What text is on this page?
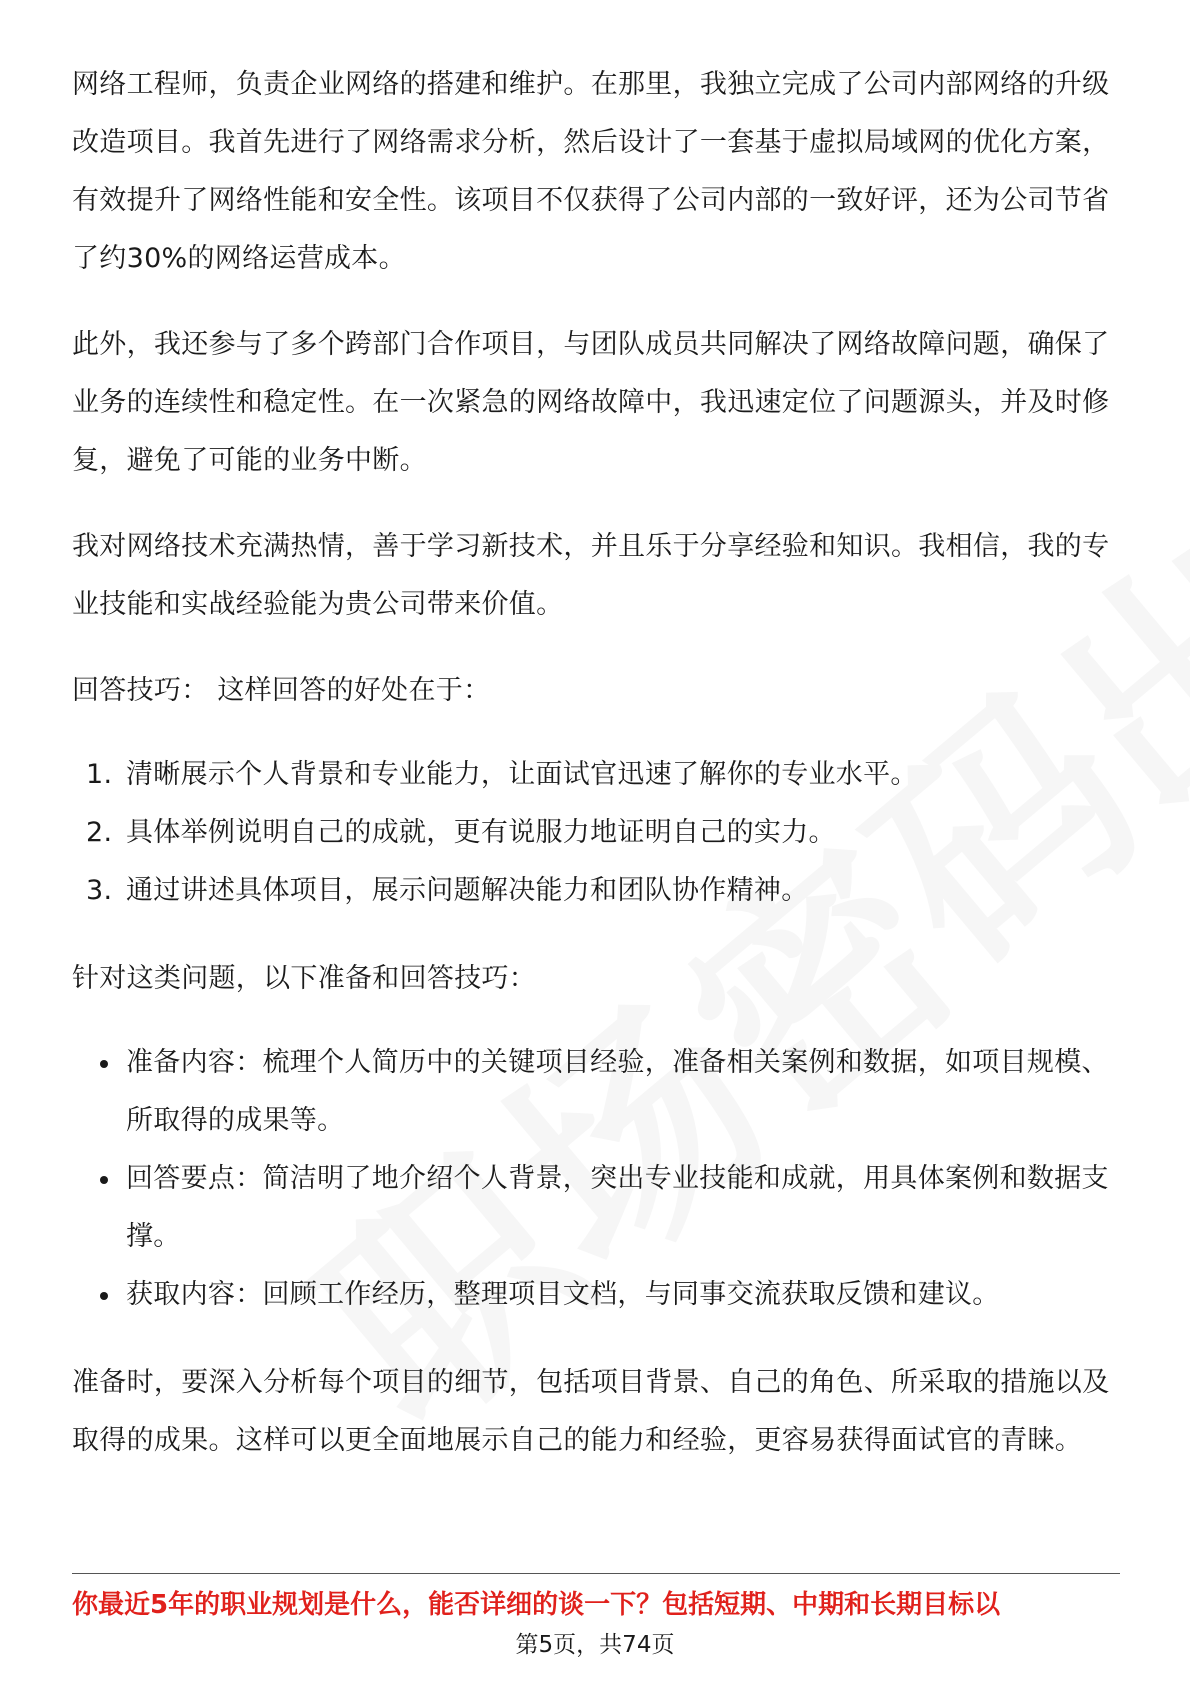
网络工程师，负责企业网络的搭建和维护。在那里，我独立完成了公司内部网络的升级改造项目。我首先进行了网络需求分析，然后设计了一套基于虚拟局域网的优化方案，有效提升了网络性能和安全性。该项目不仅获得了公司内部的一致好评，还为公司节省了约30%的网络运营成本。

此外，我还参与了多个跨部门合作项目，与团队成员共同解决了网络故障问题，确保了业务的连续性和稳定性。在一次紧急的网络故障中，我迅速定位了问题源头，并及时修复，避免了可能的业务中断。

我对网络技术充满热情，善于学习新技术，并且乐于分享经验和知识。我相信，我的专业技能和实战经验能为贵公司带来价值。

回答技巧： 这样回答的好处在于：

1. 清晰展示个人背景和专业能力，让面试官迅速了解你的专业水平。
2. 具体举例说明自己的成就，更有说服力地证明自己的实力。
3. 通过讲述具体项目，展示问题解决能力和团队协作精神。

针对这类问题，以下准备和回答技巧：

准备内容：梳理个人简历中的关键项目经验，准备相关案例和数据，如项目规模、所取得的成果等。
回答要点：简洁明了地介绍个人背景，突出专业技能和成就，用具体案例和数据支撑。
获取内容：回顾工作经历，整理项目文档，与同事交流获取反馈和建议。

准备时，要深入分析每个项目的细节，包括项目背景、自己的角色、所采取的措施以及取得的成果。这样可以更全面地展示自己的能力和经验，更容易获得面试官的青睐。

你最近5年的职业规划是什么，能否详细的谈一下？包括短期、中期和长期目标以
第5页，共74页
